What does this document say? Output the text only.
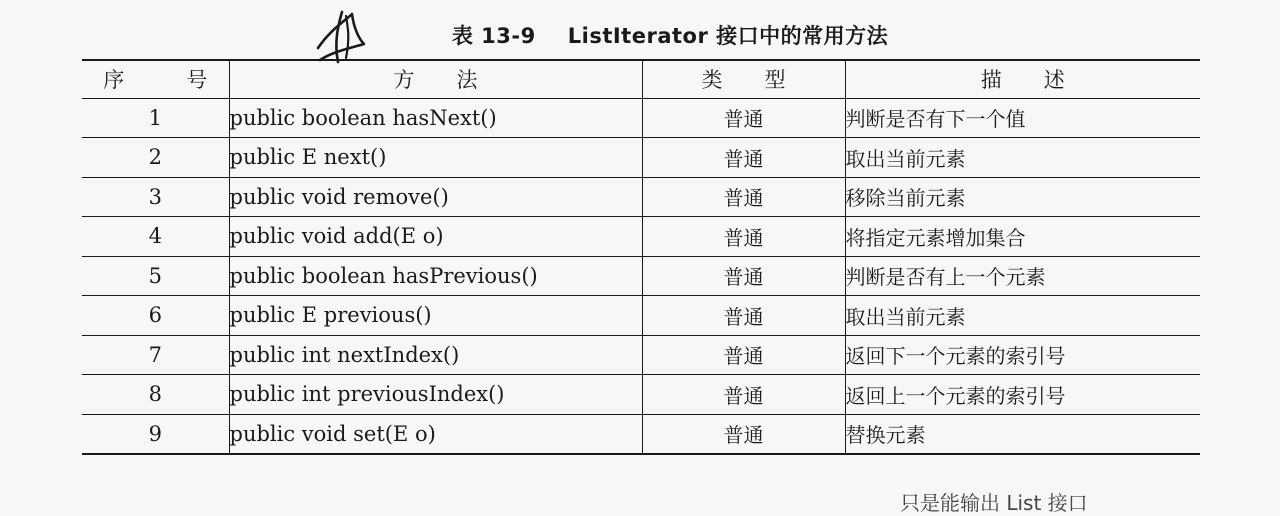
表 13-9 ListIterator 接口中的常用方法
序 号	方 法	类 型	描 述

1	public boolean hasNext()	普通	判断是否有下一个值
2	public E next()	普通	取出当前元素
3	public void remove()	普通	移除当前元素
4	public void add(E o)	普通	将指定元素增加集合
5	public boolean hasPrevious()	普通	判断是否有上一个元素
6	public E previous()	普通	取出当前元素
7	public int nextIndex()	普通	返回下一个元素的索引号
8	public int previousIndex()	普通	返回上一个元素的索引号
9	public void set(E o)	普通	替换元素
只是能输出 List 接口
